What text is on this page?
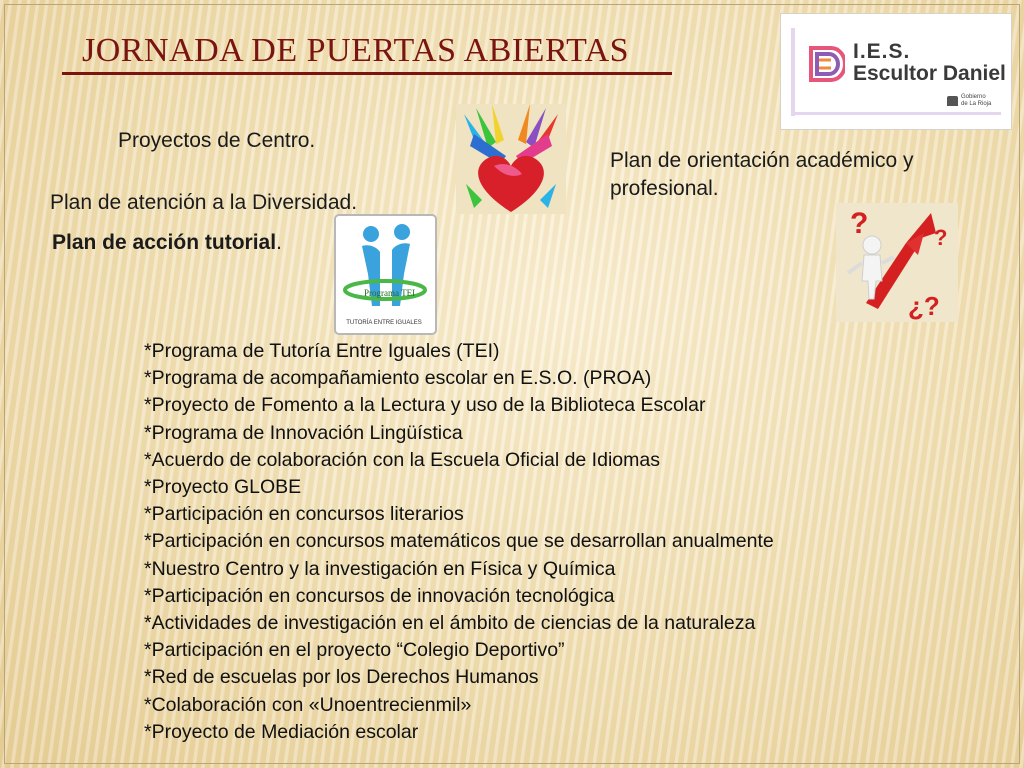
JORNADA DE PUERTAS ABIERTAS	I.E.S.
Escultor Daniel
Gobierno
de La Rioja
Proyectos de Centro.
Plan de atención a la Diversidad.
Plan de acción tutorial.
Plan de orientación académico y profesional.
Programa TEI
TUTORÍA ENTRE IGUALES
?	?
¿?
*Programa de Tutoría Entre Iguales (TEI)
*Programa de acompañamiento escolar en E.S.O. (PROA)
*Proyecto de Fomento a la Lectura y uso de la Biblioteca Escolar
*Programa de Innovación Lingüística
*Acuerdo de colaboración con la Escuela Oficial de Idiomas
*Proyecto GLOBE
*Participación en concursos literarios
*Participación en concursos matemáticos que se desarrollan anualmente
*Nuestro Centro y la investigación en Física y Química
*Participación en concursos de innovación tecnológica
*Actividades de investigación en el ámbito de ciencias de la naturaleza
*Participación en el proyecto “Colegio Deportivo”
*Red de escuelas por los Derechos Humanos
*Colaboración con «Unoentrecienmil»
*Proyecto de Mediación escolar
